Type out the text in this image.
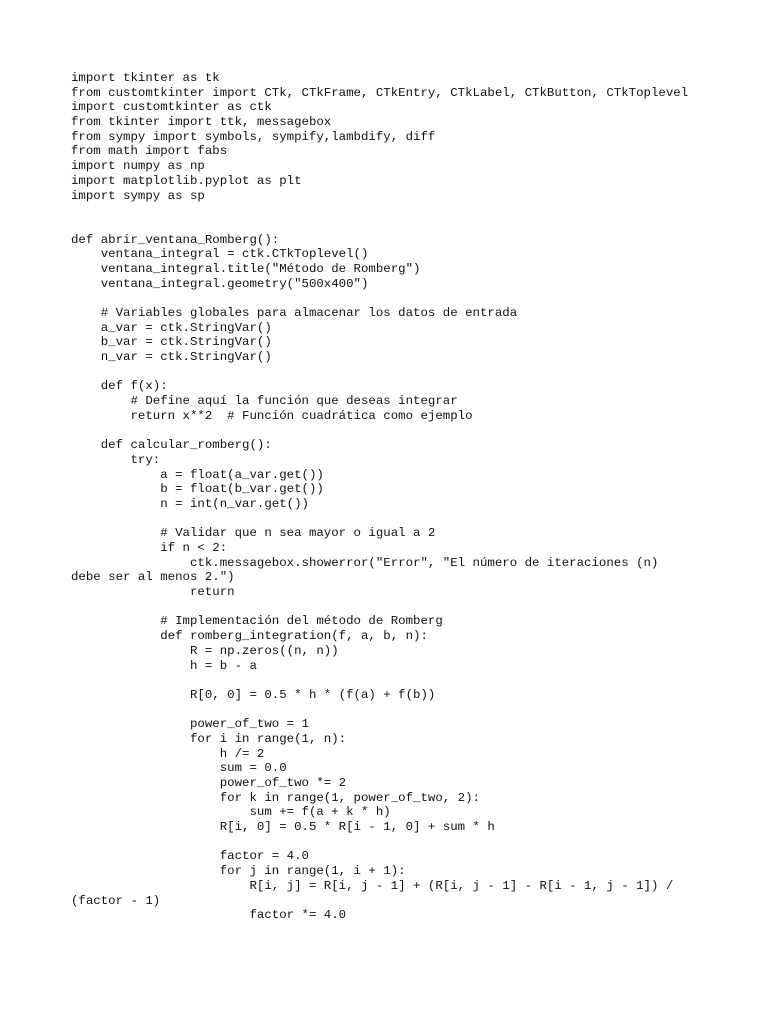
import tkinter as tk
from customtkinter import CTk, CTkFrame, CTkEntry, CTkLabel, CTkButton, CTkToplevel
import customtkinter as ctk
from tkinter import ttk, messagebox
from sympy import symbols, sympify,lambdify, diff
from math import fabs
import numpy as np
import matplotlib.pyplot as plt
import sympy as sp
def abrir_ventana_Romberg():
ventana_integral = ctk.CTkToplevel()
ventana_integral.title("Método de Romberg")
ventana_integral.geometry("500x400")
# Variables globales para almacenar los datos de entrada
a_var = ctk.StringVar()
b_var = ctk.StringVar()
n_var = ctk.StringVar()
def f(x):
# Define aquí la función que deseas integrar
return x**2  # Función cuadrática como ejemplo
def calcular_romberg():
try:
a = float(a_var.get())
b = float(b_var.get())
n = int(n_var.get())
# Validar que n sea mayor o igual a 2
if n < 2:
ctk.messagebox.showerror("Error", "El número de iteraciones (n)
debe ser al menos 2.")
return
# Implementación del método de Romberg
def romberg_integration(f, a, b, n):
R = np.zeros((n, n))
h = b - a
R[0, 0] = 0.5 * h * (f(a) + f(b))
power_of_two = 1
for i in range(1, n):
h /= 2
sum = 0.0
power_of_two *= 2
for k in range(1, power_of_two, 2):
sum += f(a + k * h)
R[i, 0] = 0.5 * R[i - 1, 0] + sum * h
factor = 4.0
for j in range(1, i + 1):
R[i, j] = R[i, j - 1] + (R[i, j - 1] - R[i - 1, j - 1]) /
(factor - 1)
factor *= 4.0
